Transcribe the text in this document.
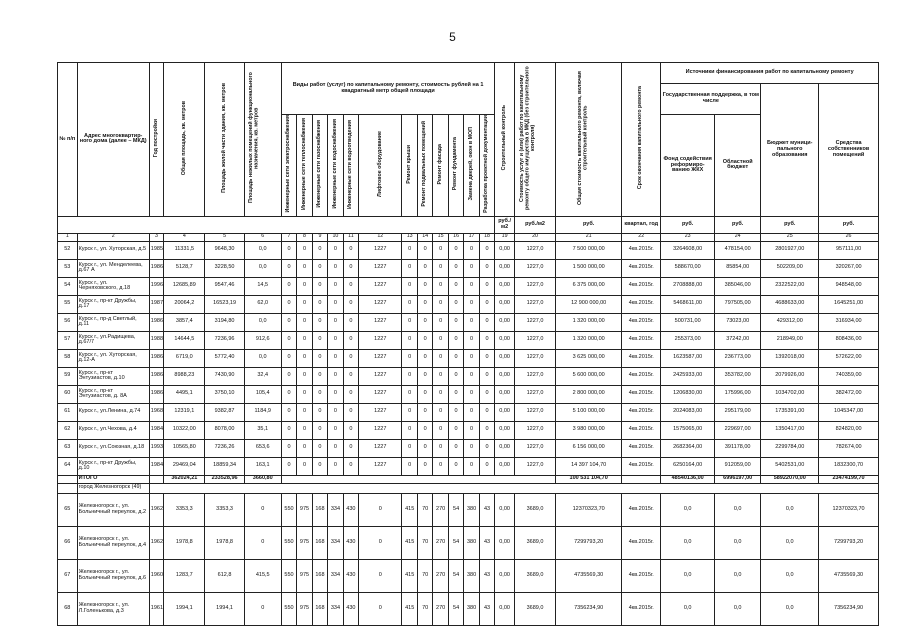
5
№ п/п	Адрес многоквартир-ного дома (далее – МКД)	Год постройки	Общая площадь, кв. метров	Площадь жилой части здания, кв. метров	Площадь нежилых помещений функционального назначения, кв. метров	Виды работ (услуг) по капитальному ремонту, стоимость рублей на 1 квадратный метр общей площади												Строительный контроль	Стоимость услуг и (или) работ по капитальному ремонту общего имущества в МКД (без строительного контроля)	Общая стоимость капитального ремонта, включая строительный контроль	Срок окончания капитального ремонта	Источники финансирования работ по капитальному ремонту			
																						Государственная поддержка, в том числе		Бюджет муници-пального образования	Средства собственников помещений
						Инженерные сети электроснабжения	Инженерные сети теплоснабжения	Инженерные сети газоснабжения	Инженерные сети водоснабжения	Инженерные сети водоотведения	Лифтовое оборудование	Ремонт крыши	Ремонт подвальных помещений	Ремонт фасада	Ремонт фундамента	Замена дверей, окон в МОП	Разработка проектной документации					Фонд содействия реформиро-ванию ЖКХ	Областной бюджет		
																		руб./м2	руб./м2	руб.	квартал, год	руб.	руб.	руб.	руб.
1	2	3	4	5	6	7	8	9	10	11	12	13	14	15	16	17	18	19	20	21	22	23	24	25	26
52	Курск г., ул. Хуторская, д.5	1985	11331,5	9648,30	0,0	0	0	0	0	0	1227	0	0	0	0	0	0	0,00	1227,0	7 500 000,00	4кв.2015г.	3264608,00	478154,00	2801927,00	957111,00
53	Курск г., ул. Менделеева, д.67 А	1986	5128,7	3228,50	0,0	0	0	0	0	0	1227	0	0	0	0	0	0	0,00	1227,0	1 500 000,00	4кв.2015г.	588670,00	85854,00	502209,00	320267,00
54	Курск г., ул. Черняховского, д.18	1996	12685,89	9547,46	14,5	0	0	0	0	0	1227	0	0	0	0	0	0	0,00	1227,0	6 375 000,00	4кв.2015г.	2708888,00	385046,00	2322522,00	948548,00
55	Курск г., пр-кт Дружбы, д.17	1987	20064,2	16523,19	62,0	0	0	0	0	0	1227	0	0	0	0	0	0	0,00	1227,0	12 900 000,00	4кв.2015г.	5468611,00	797505,00	4688633,00	1645251,00
56	Курск г., пр-д Светлый, д.11	1986	3857,4	3194,80	0,0	0	0	0	0	0	1227	0	0	0	0	0	0	0,00	1227,0	1 320 000,00	4кв.2015г.	500731,00	73023,00	429312,00	316934,00
57	Курск г., ул.Радищева, д.67/7	1988	14644,5	7236,96	912,6	0	0	0	0	0	1227	0	0	0	0	0	0	0,00	1227,0	1 320 000,00	4кв.2015г.	255373,00	37242,00	218949,00	808436,00
58	Курск г., ул. Хуторская, д.12-А	1986	6719,0	5772,40	0,0	0	0	0	0	0	1227	0	0	0	0	0	0	0,00	1227,0	3 625 000,00	4кв.2015г.	1623587,00	236773,00	1392018,00	572622,00
59	Курск г., пр-кт Энтузиастов, д.10	1986	8988,23	7430,90	32,4	0	0	0	0	0	1227	0	0	0	0	0	0	0,00	1227,0	5 600 000,00	4кв.2015г.	2425933,00	353782,00	2079926,00	740359,00
60	Курск г., пр-кт Энтузиастов, д. 8А	1986	4495,1	3750,10	105,4	0	0	0	0	0	1227	0	0	0	0	0	0	0,00	1227,0	2 800 000,00	4кв.2015г.	1206830,00	175996,00	1034702,00	382472,00
61	Курск г., ул.Ленина, д.74	1968	12319,1	9382,87	1184,9	0	0	0	0	0	1227	0	0	0	0	0	0	0,00	1227,0	5 100 000,00	4кв.2015г.	2024083,00	295179,00	1735391,00	1045347,00
62	Курск г., ул.Чехова, д.4	1984	10322,00	8078,00	35,1	0	0	0	0	0	1227	0	0	0	0	0	0	0,00	1227,0	3 980 000,00	4кв.2015г.	1575065,00	229697,00	1350417,00	824820,00
63	Курск г., ул.Союзная, д.18	1993	10565,80	7236,26	653,6	0	0	0	0	0	1227	0	0	0	0	0	0	0,00	1227,0	6 156 000,00	4кв.2015г.	2682364,00	391178,00	2299784,00	782674,00
64	Курск г., пр-кт Дружбы, д.10	1984	29469,04	18859,34	163,1	0	0	0	0	0	1227	0	0	0	0	0	0	0,00	1227,0	14 397 104,70	4кв.2015г.	6250164,00	912059,00	5402531,00	1832300,70
	ИТОГО		362024,21	233528,96	3660,80															100 531 104,70		48540136,00	6996197,00	58922070,00	23474199,70
	город Железногорск (49)																								
65	Железногорск г., ул. Больничный переулок, д.2	1962	3353,3	3353,3	0	550	975	168	334	430	0	415	70	270	54	380	43	0,00	3689,0	12370323,70	4кв.2015г.	0,0	0,0	0,0	12370323,70
66	Железногорск г., ул. Больничный переулок, д.4	1962	1978,8	1978,8	0	550	975	168	334	430	0	415	70	270	54	380	43	0,00	3689,0	7299793,20	4кв.2015г.	0,0	0,0	0,0	7299793,20
67	Железногорск г., ул. Больничный переулок, д.6	1960	1283,7	612,8	415,5	550	975	168	334	430	0	415	70	270	54	380	43	0,00	3689,0	4735569,30	4кв.2015г.	0,0	0,0	0,0	4735569,30
68	Железногорск г., ул. Л.Голенькова, д.3	1961	1994,1	1994,1	0	550	975	168	334	430	0	415	70	270	54	380	43	0,00	3689,0	7356234,90	4кв.2015г.	0,0	0,0	0,0	7356234,90
